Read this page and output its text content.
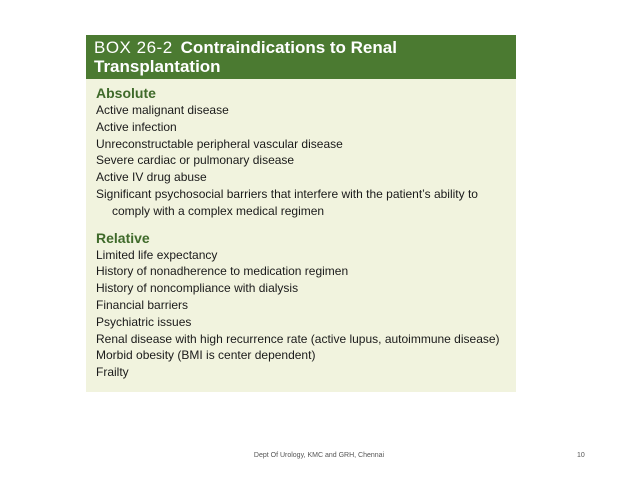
BOX 26-2 Contraindications to Renal Transplantation
Absolute
Active malignant disease
Active infection
Unreconstructable peripheral vascular disease
Severe cardiac or pulmonary disease
Active IV drug abuse
Significant psychosocial barriers that interfere with the patient’s ability to comply with a complex medical regimen
Relative
Limited life expectancy
History of nonadherence to medication regimen
History of noncompliance with dialysis
Financial barriers
Psychiatric issues
Renal disease with high recurrence rate (active lupus, autoimmune disease)
Morbid obesity (BMI is center dependent)
Frailty
Dept Of Urology, KMC and GRH, Chennai	10
